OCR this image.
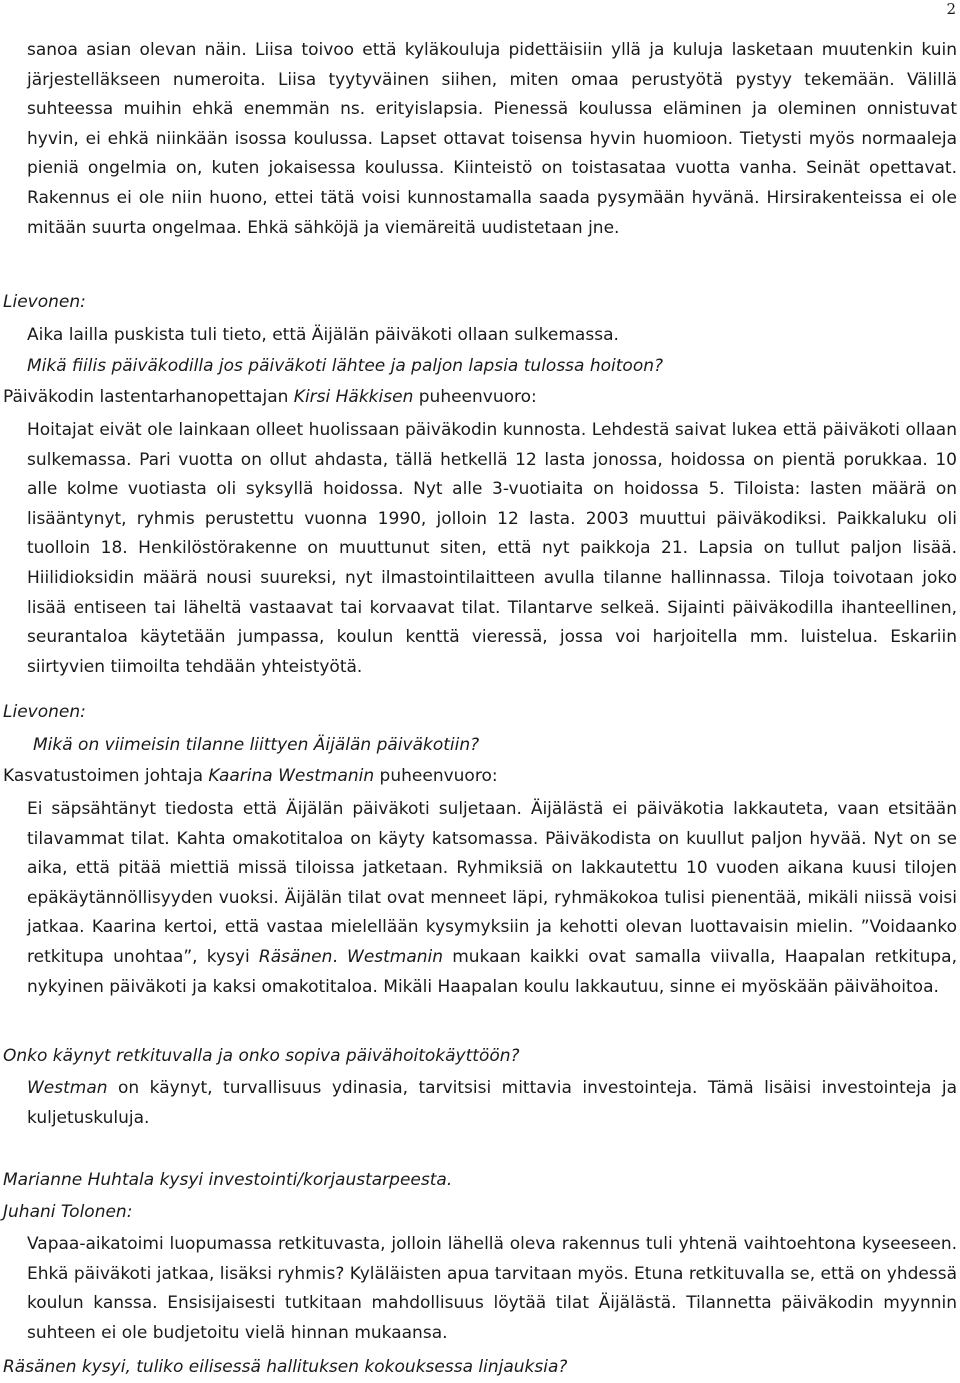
2
sanoa asian olevan näin. Liisa toivoo että kyläkouluja pidettäisiin yllä ja kuluja lasketaan muutenkin kuin järjestelläkseen numeroita. Liisa tyytyväinen siihen, miten omaa perustyötä pystyy tekemään. Välillä suhteessa muihin ehkä enemmän ns. erityislapsia. Pienessä koulussa eläminen ja oleminen onnistuvat hyvin, ei ehkä niinkään isossa koulussa. Lapset ottavat toisensa hyvin huomioon. Tietysti myös normaaleja pieniä ongelmia on, kuten jokaisessa koulussa. Kiinteistö on toistasataa vuotta vanha. Seinät opettavat. Rakennus ei ole niin huono, ettei tätä voisi kunnostamalla saada pysymään hyvänä. Hirsirakenteissa ei ole mitään suurta ongelmaa. Ehkä sähköjä ja viemäreitä uudistetaan jne.
Lievonen:
Aika lailla puskista tuli tieto, että Äijälän päiväkoti ollaan sulkemassa.
Mikä fiilis päiväkodilla jos päiväkoti lähtee ja paljon lapsia tulossa hoitoon?
Päiväkodin lastentarhanopettajan Kirsi Häkkisen puheenvuoro:
Hoitajat eivät ole lainkaan olleet huolissaan päiväkodin kunnosta. Lehdestä saivat lukea että päiväkoti ollaan sulkemassa. Pari vuotta on ollut ahdasta, tällä hetkellä 12 lasta jonossa, hoidossa on pientä porukkaa. 10 alle kolme vuotiasta oli syksyllä hoidossa. Nyt alle 3-vuotiaita on hoidossa 5. Tiloista: lasten määrä on lisääntynyt, ryhmis perustettu vuonna 1990, jolloin 12 lasta. 2003 muuttui päiväkodiksi. Paikkaluku oli tuolloin 18. Henkilöstörakenne on muuttunut siten, että nyt paikkoja 21. Lapsia on tullut paljon lisää. Hiilidioksidin määrä nousi suureksi, nyt ilmastointilaitteen avulla tilanne hallinnassa. Tiloja toivotaan joko lisää entiseen tai läheltä vastaavat tai korvaavat tilat. Tilantarve selkeä. Sijainti päiväkodilla ihanteellinen, seurantaloa käytetään jumpassa, koulun kenttä vieressä, jossa voi harjoitella mm. luistelua. Eskariin siirtyvien tiimoilta tehdään yhteistyötä.
Lievonen:
Mikä on viimeisin tilanne liittyen Äijälän päiväkotiin?
Kasvatustoimen johtaja Kaarina Westmanin puheenvuoro:
Ei säpsähtänyt tiedosta että Äijälän päiväkoti suljetaan. Äijälästä ei päiväkotia lakkauteta, vaan etsitään tilavammat tilat. Kahta omakotitaloa on käyty katsomassa. Päiväkodista on kuullut paljon hyvää. Nyt on se aika, että pitää miettiä missä tiloissa jatketaan. Ryhmiksiä on lakkautettu 10 vuoden aikana kuusi tilojen epäkäytännöllisyyden vuoksi. Äijälän tilat ovat menneet läpi, ryhmäkokoa tulisi pienentää, mikäli niissä voisi jatkaa. Kaarina kertoi, että vastaa mielellään kysymyksiin ja kehotti olevan luottavaisin mielin. ”Voidaanko retkitupa unohtaa”, kysyi Räsänen. Westmanin mukaan kaikki ovat samalla viivalla, Haapalan retkitupa, nykyinen päiväkoti ja kaksi omakotitaloa. Mikäli Haapalan koulu lakkautuu, sinne ei myöskään päivähoitoa.
Onko käynyt retkituvalla ja onko sopiva päivähoitokäyttöön?
Westman on käynyt, turvallisuus ydinasia, tarvitsisi mittavia investointeja. Tämä lisäisi investointeja ja kuljetuskuluja.
Marianne Huhtala kysyi investointi/korjaustarpeesta.
Juhani Tolonen:
Vapaa-aikatoimi luopumassa retkituvasta, jolloin lähellä oleva rakennus tuli yhtenä vaihtoehtona kyseeseen. Ehkä päiväkoti jatkaa, lisäksi ryhmis? Kyläläisten apua tarvitaan myös. Etuna retkituvalla se, että on yhdessä koulun kanssa. Ensisijaisesti tutkitaan mahdollisuus löytää tilat Äijälästä. Tilannetta päiväkodin myynnin suhteen ei ole budjetoitu vielä hinnan mukaansa.
Räsänen kysyi, tuliko eilisessä hallituksen kokouksessa linjauksia?
